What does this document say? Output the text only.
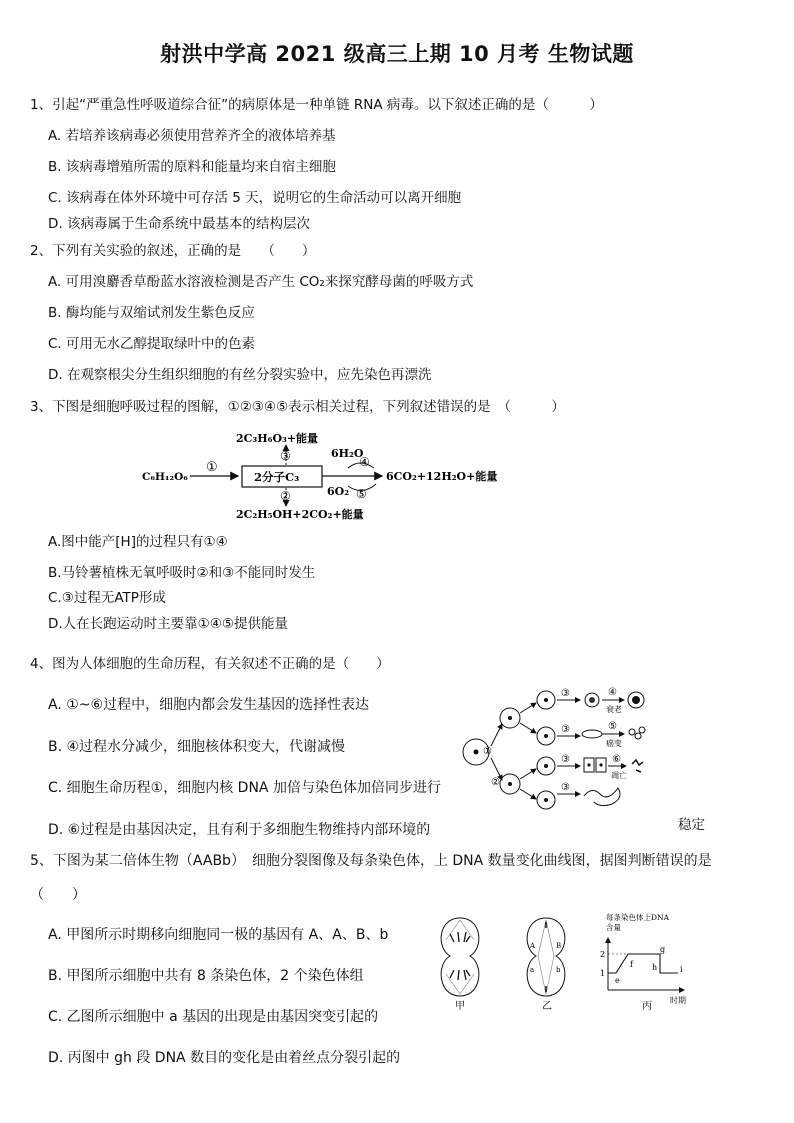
射洪中学高 2021 级高三上期 10 月考 生物试题
1、引起“严重急性呼吸道综合征”的病原体是一种单链 RNA 病毒。以下叙述正确的是（　　　）
A. 若培养该病毒必须使用营养齐全的液体培养基
B. 该病毒增殖所需的原料和能量均来自宿主细胞
C. 该病毒在体外环境中可存活 5 天，说明它的生命活动可以离开细胞
D. 该病毒属于生命系统中最基本的结构层次
2、下列有关实验的叙述，正确的是　　（　　）
A. 可用溴麝香草酚蓝水溶液检测是否产生 CO₂来探究酵母菌的呼吸方式
B. 酶均能与双缩试剂发生紫色反应
C. 可用无水乙醇提取绿叶中的色素
D. 在观察根尖分生组织细胞的有丝分裂实验中，应先染色再漂洗
3、下图是细胞呼吸过程的图解，①②③④⑤表示相关过程，下列叙述错误的是　（　　　）
C₆H₁₂O₆
①
2分子C₃
③
2C₃H₆O₃+能量
②
2C₂H₅OH+2CO₂+能量
6H₂O
④
6O₂ ⑤
6CO₂+12H₂O+能量
A.图中能产[H]的过程只有①④
B.马铃薯植株无氧呼吸时②和③不能同时发生
C.③过程无ATP形成
D.人在长跑运动时主要靠①④⑤提供能量
4、图为人体细胞的生命历程，有关叙述不正确的是（　　）
A. ①~⑥过程中，细胞内都会发生基因的选择性表达
B. ④过程水分减少，细胞核体积变大，代谢减慢
C. 细胞生命历程①，细胞内核 DNA 加倍与染色体加倍同步进行
D. ⑥过程是由基因决定，且有利于多细胞生物维持内部环境的	稳定
①
②
③
③
③
③
④
衰老
⑤
癌变
⑥
凋亡
5、下图为某二倍体生物（AABb）　细胞分裂图像及每条染色体，上 DNA 数量变化曲线图，据图判断错误的是
（　　）
A. 甲图所示时期移向细胞同一极的基因有 A、A、B、b
B. 甲图所示细胞中共有 8 条染色体，2 个染色体组
C. 乙图所示细胞中 a 基因的出现是由基因突变引起的
D. 丙图中 gh 段 DNA 数目的变化是由着丝点分裂引起的
甲
A	B
a	b
乙
每条染色体上DNA 含量
2
1
e
f
g
h	i
时期
丙
